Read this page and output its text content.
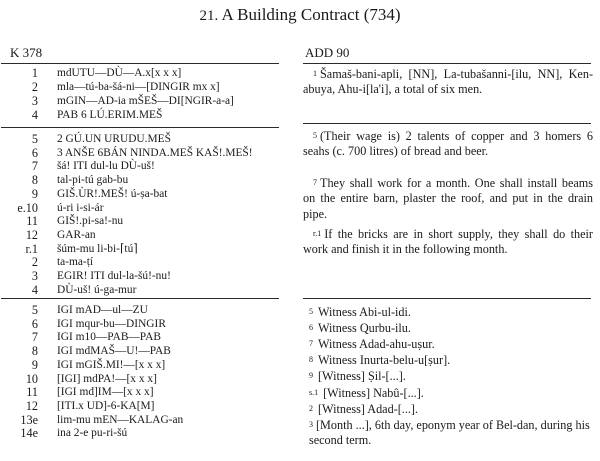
21. A Building Contract (734)
K 378
1 mdUTU—DÙ—A.x[x x x]
2 mla—tú-ba-šá-ni—[DINGIR mx x]
3 mGIN—AD-ia mŠEŠ—DI[NGIR-a-a]
4 PAB 6 LÚ.ERIM.MEŠ
5 2 GÚ.UN URUDU.MEŠ
6 3 ANŠE 6BÁN NINDA.MEŠ KAŠ!.MEŠ!
7 šá! ITI dul-lu DÙ-uš!
8 tal-pi-tú gab-bu
9 GIŠ.ÙR!.MEŠ! ú-ṣa-bat
e.10 ú-ri i-si-ár
11 GIŠ!.pi-sa!-nu
12 GAR-an
r.1 šúm-mu li-bi-⌈tú⌉
2 ta-ma-ṭí
3 EGIR! ITI dul-la-šú!-nu!
4 DÙ-uš! ú-ga-mur
5 IGI mAD—ul—ZU
6 IGI mqur-bu—DINGIR
7 IGI m10—PAB—PAB
8 IGI mdMAŠ—U!—PAB
9 IGI mGIŠ.MI!—[x x x]
10 [IGI] mdPA!—[x x x]
11 [IGI md]IM—[x x x]
12 [ITI.x UD]-6-KA[M]
13e lim-mu mEN—KALAG-an
14e ina 2-e pu-ri-šú
ADD 90
1 Šamaš-bani-apli, [NN], La-tubašanni-[ilu, NN], Ken-abuya, Ahu-i[la'i], a total of six men.
5 (Their wage is) 2 talents of copper and 3 homers 6 seahs (c. 700 litres) of bread and beer.
7 They shall work for a month. One shall install beams on the entire barn, plaster the roof, and put in the drain pipe.
r.1 If the bricks are in short supply, they shall do their work and finish it in the following month.
5 Witness Abi-ul-idi.
6 Witness Qurbu-ilu.
7 Witness Adad-ahu-uṣur.
8 Witness Inurta-belu-u[ṣur].
9 [Witness] Ṣil-[...].
s.1 [Witness] Nabû-[...].
2 [Witness] Adad-[...].
3 [Month ...], 6th day, eponym year of Bel-dan, during his second term.
